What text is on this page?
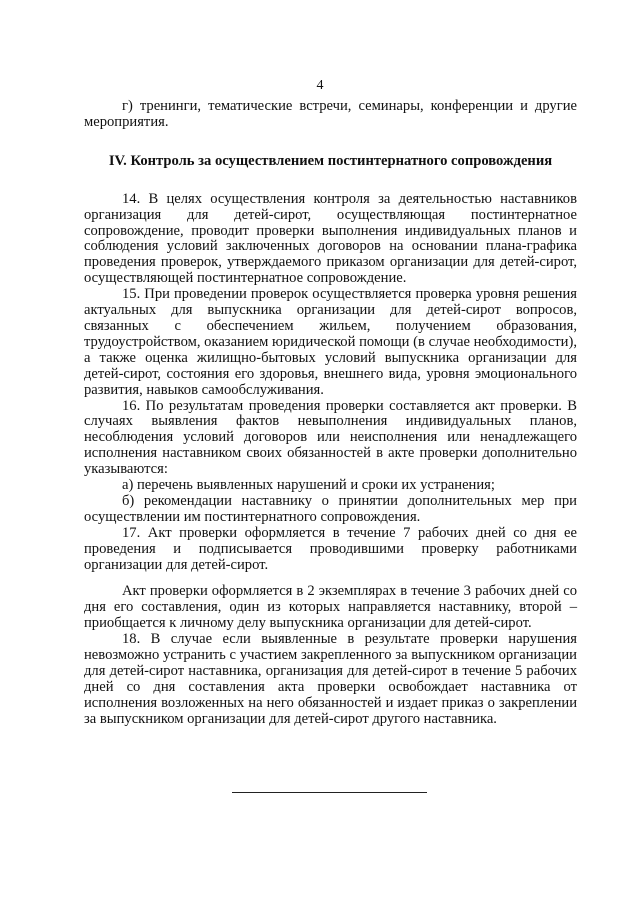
4

г) тренинги, тематические встречи, семинары, конференции и другие мероприятия.

IV. Контроль за осуществлением постинтернатного сопровождения

14. В целях осуществления контроля за деятельностью наставников организация для детей-сирот, осуществляющая постинтернатное сопровождение, проводит проверки выполнения индивидуальных планов и соблюдения условий заключенных договоров на основании плана-графика проведения проверок, утверждаемого приказом организации для детей-сирот, осуществляющей постинтернатное сопровождение.

15. При проведении проверок осуществляется проверка уровня решения актуальных для выпускника организации для детей-сирот вопросов, связанных с обеспечением жильем, получением образования, трудоустройством, оказанием юридической помощи (в случае необходимости), а также оценка жилищно-бытовых условий выпускника организации для детей-сирот, состояния его здоровья, внешнего вида, уровня эмоционального развития, навыков самообслуживания.

16. По результатам проведения проверки составляется акт проверки. В случаях выявления фактов невыполнения индивидуальных планов, несоблюдения условий договоров или неисполнения или ненадлежащего исполнения наставником своих обязанностей в акте проверки дополнительно указываются:

а) перечень выявленных нарушений и сроки их устранения;

б) рекомендации наставнику о принятии дополнительных мер при осуществлении им постинтернатного сопровождения.

17. Акт проверки оформляется в течение 7 рабочих дней со дня ее проведения и подписывается проводившими проверку работниками организации для детей-сирот.

Акт проверки оформляется в 2 экземплярах в течение 3 рабочих дней со дня его составления, один из которых направляется наставнику, второй – приобщается к личному делу выпускника организации для детей-сирот.

18. В случае если выявленные в результате проверки нарушения невозможно устранить с участием закрепленного за выпускником организации для детей-сирот наставника, организация для детей-сирот в течение 5 рабочих дней со дня составления акта проверки освобождает наставника от исполнения возложенных на него обязанностей и издает приказ о закреплении за выпускником организации для детей-сирот другого наставника.
